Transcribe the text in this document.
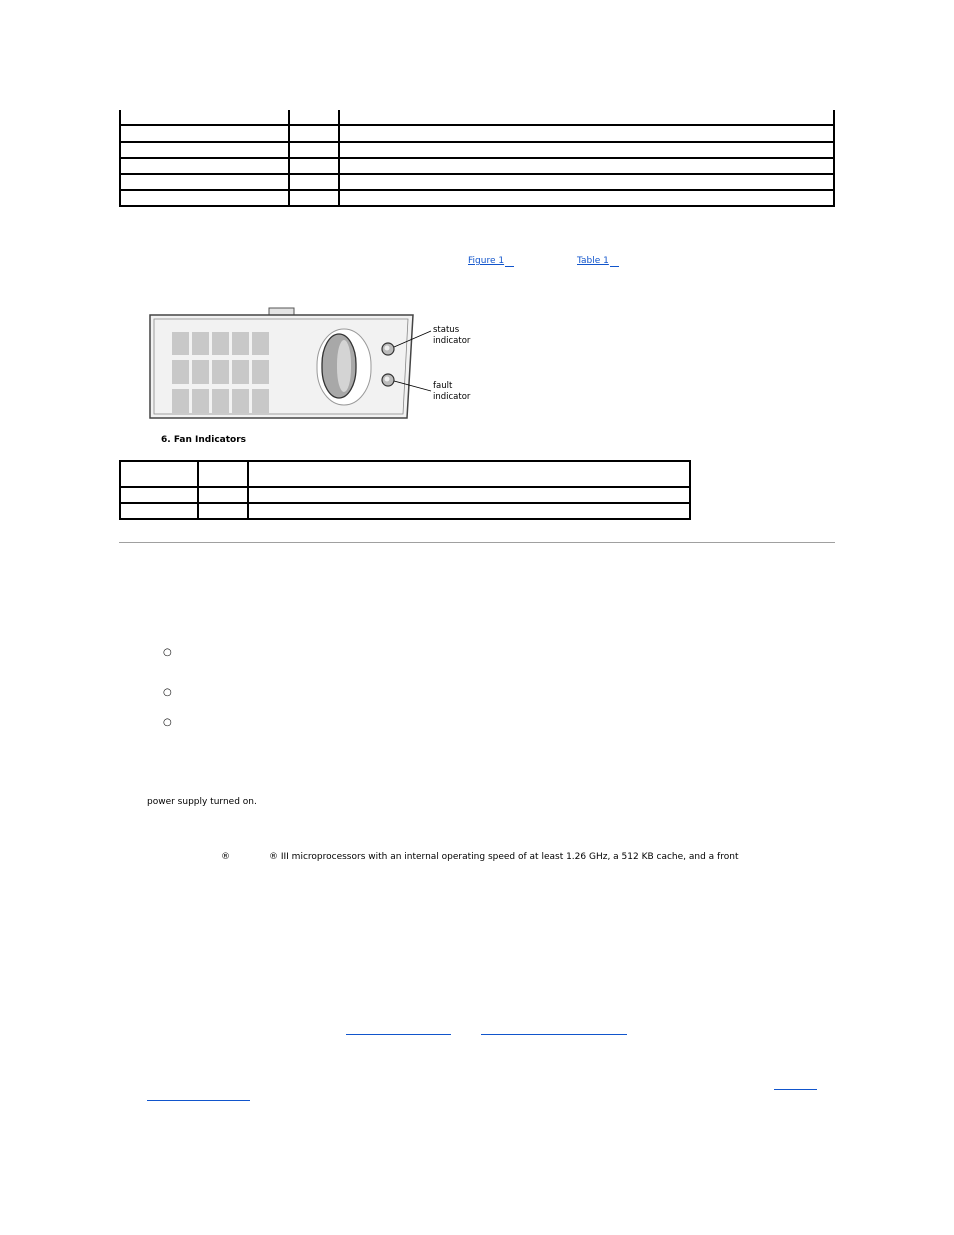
Figure 1	Table 1
status
indicator
fault
indicator
6. Fan Indicators

○
○
○
power supply turned on.
®	® III microprocessors with an internal operating speed of at least 1.26 GHz, a 512 KB cache, and a front
